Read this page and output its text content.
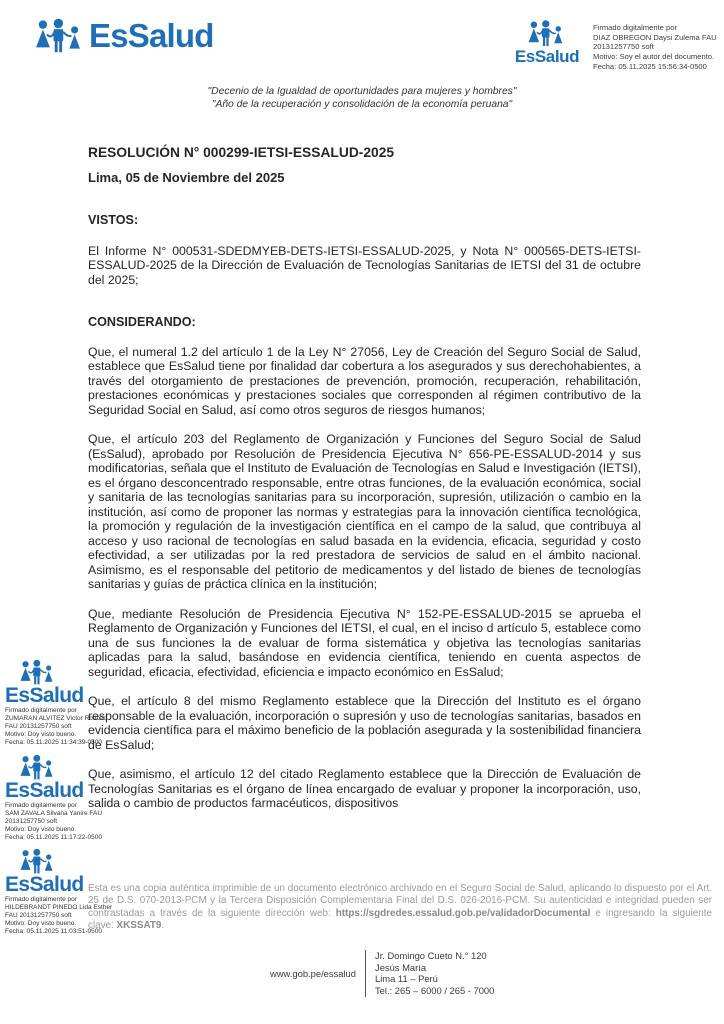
EsSalud
EsSalud
Firmado digitalmente por
DIAZ OBREGON Daysi Zulema FAU
20131257750 soft
Motivo: Soy el autor del documento.
Fecha: 05.11.2025 15:56:34-0500
"Decenio de la Igualdad de oportunidades para mujeres y hombres"
"Año de la recuperación y consolidación de la economía peruana"
RESOLUCIÓN N° 000299-IETSI-ESSALUD-2025
Lima, 05 de Noviembre del 2025
VISTOS:

El Informe N° 000531-SDEDMYEB-DETS-IETSI-ESSALUD-2025, y Nota N° 000565-DETS-IETSI-ESSALUD-2025 de la Dirección de Evaluación de Tecnologías Sanitarias de IETSI del 31 de octubre del 2025;

CONSIDERANDO:

Que, el numeral 1.2 del artículo 1 de la Ley N° 27056, Ley de Creación del Seguro Social de Salud, establece que EsSalud tiene por finalidad dar cobertura a los asegurados y sus derechohabientes, a través del otorgamiento de prestaciones de prevención, promoción, recuperación, rehabilitación, prestaciones económicas y prestaciones sociales que corresponden al régimen contributivo de la Seguridad Social en Salud, así como otros seguros de riesgos humanos;

Que, el artículo 203 del Reglamento de Organización y Funciones del Seguro Social de Salud (EsSalud), aprobado por Resolución de Presidencia Ejecutiva N° 656-PE-ESSALUD-2014 y sus modificatorias, señala que el Instituto de Evaluación de Tecnologías en Salud e Investigación (IETSI), es el órgano desconcentrado responsable, entre otras funciones, de la evaluación económica, social y sanitaria de las tecnologías sanitarias para su incorporación, supresión, utilización o cambio en la institución, así como de proponer las normas y estrategias para la innovación científica tecnológica, la promoción y regulación de la investigación científica en el campo de la salud, que contribuya al acceso y uso racional de tecnologías en salud basada en la evidencia, eficacia, seguridad y costo efectividad, a ser utilizadas por la red prestadora de servicios de salud en el ámbito nacional. Asimismo, es el responsable del petitorio de medicamentos y del listado de bienes de tecnologías sanitarias y guías de práctica clínica en la institución;

Que, mediante Resolución de Presidencia Ejecutiva N° 152-PE-ESSALUD-2015 se aprueba el Reglamento de Organización y Funciones del IETSI, el cual, en el inciso d artículo 5, establece como una de sus funciones la de evaluar de forma sistemática y objetiva las tecnologías sanitarias aplicadas para la salud, basándose en evidencia científica, teniendo en cuenta aspectos de seguridad, eficacia, efectividad, eficiencia e impacto económico en EsSalud;

Que, el artículo 8 del mismo Reglamento establece que la Dirección del Instituto es el órgano responsable de la evaluación, incorporación o supresión y uso de tecnologías sanitarias, basados en evidencia científica para el máximo beneficio de la población asegurada y la sostenibilidad financiera de EsSalud;

Que, asimismo, el artículo 12 del citado Reglamento establece que la Dirección de Evaluación de Tecnologías Sanitarias es el órgano de línea encargado de evaluar y proponer la incorporación, uso, salida o cambio de productos farmacéuticos, dispositivos

EsSalud
Firmado digitalmente por
ZUMARAN ALVITEZ Victor Rodolfo
FAU 20131257750 soft
Motivo: Doy visto bueno.
Fecha: 05.11.2025 11:34:39-0500
EsSalud
Firmado digitalmente por
SAM ZAVALA Silvana Yanire FAU
20131257750 soft
Motivo: Doy visto bueno.
Fecha: 05.11.2025 11:17:22-0500
EsSalud
Firmado digitalmente por
HILDEBRANDT PINEDO Lida Esther
FAU 20131257750 soft
Motivo: Doy visto bueno.
Fecha: 05.11.2025 11:03:51-0500
Esta es una copia auténtica imprimible de un documento electrónico archivado en el Seguro Social de Salud, aplicando lo dispuesto por el Art. 25 de D.S. 070-2013-PCM y la Tercera Disposición Complementaria Final del D.S. 026-2016-PCM. Su autenticidad e integridad pueden ser contrastadas a través de la siguiente dirección web: https://sgdredes.essalud.gob.pe/validadorDocumental e ingresando la siguiente clave: XKSSAT9.
www.gob.pe/essalud
Jr. Domingo Cueto N.° 120
Jesús María
Lima 11 – Perú
Tel.: 265 – 6000 / 265 - 7000
